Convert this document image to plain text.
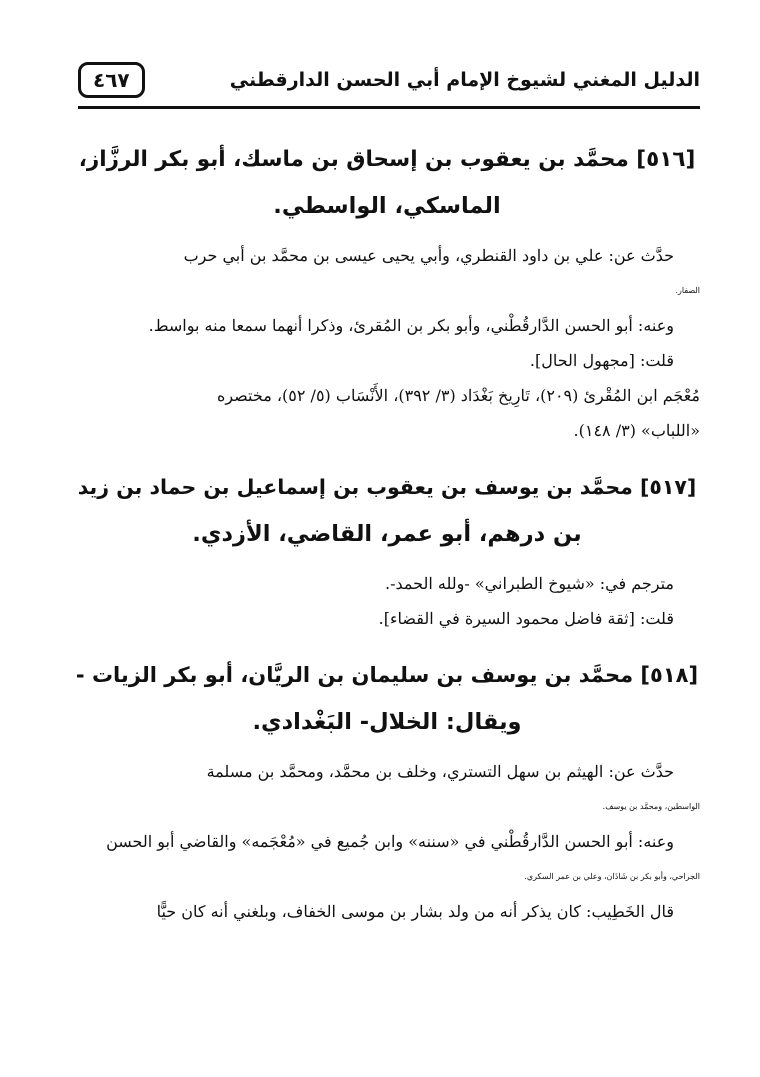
الدليل المغني لشيوخ الإمام أبي الحسن الدارقطني
٤٦٧
[٥١٦] محمَّد بن يعقوب بن إسحاق بن ماسك، أبو بكر الرزَّاز،
الماسكي، الواسطي.

حدَّث عن: علي بن داود القنطري، وأبي يحيى عيسى بن محمَّد بن أبي حرب
الصفار.

وعنه: أبو الحسن الدَّارقُطْني، وأبو بكر بن المُقرئ، وذكرا أنهما سمعا منه بواسط.

قلت: [مجهول الحال].

مُعْجَم ابن المُقْرئ (٢٠٩)، تَارِيخ بَغْدَاد (٣/ ٣٩٢)، الأَنْسَاب (٥/ ٥٢)، مختصره
«اللباب» (٣/ ١٤٨).

[٥١٧] محمَّد بن يوسف بن يعقوب بن إسماعيل بن حماد بن زيد
بن درهم، أبو عمر، القاضي، الأزدي.

مترجم في: «شيوخ الطبراني» -ولله الحمد-.

قلت: [ثقة فاضل محمود السيرة في القضاء].

[٥١٨] محمَّد بن يوسف بن سليمان بن الريَّان، أبو بكر الزيات -
ويقال: الخلال- البَغْدادي.

حدَّث عن: الهيثم بن سهل التستري، وخلف بن محمَّد، ومحمَّد بن مسلمة
الواسطين، ومحمَّد بن يوسف.

وعنه: أبو الحسن الدَّارقُطْني في «سننه» وابن جُميع في «مُعْجَمه» والقاضي أبو الحسن
الجراحي، وأبو بكر بن شَاذَان، وعلي بن عمر السكري.

قال الخَطِيب: كان يذكر أنه من ولد بشار بن موسى الخفاف، وبلغني أنه كان حيًّا
